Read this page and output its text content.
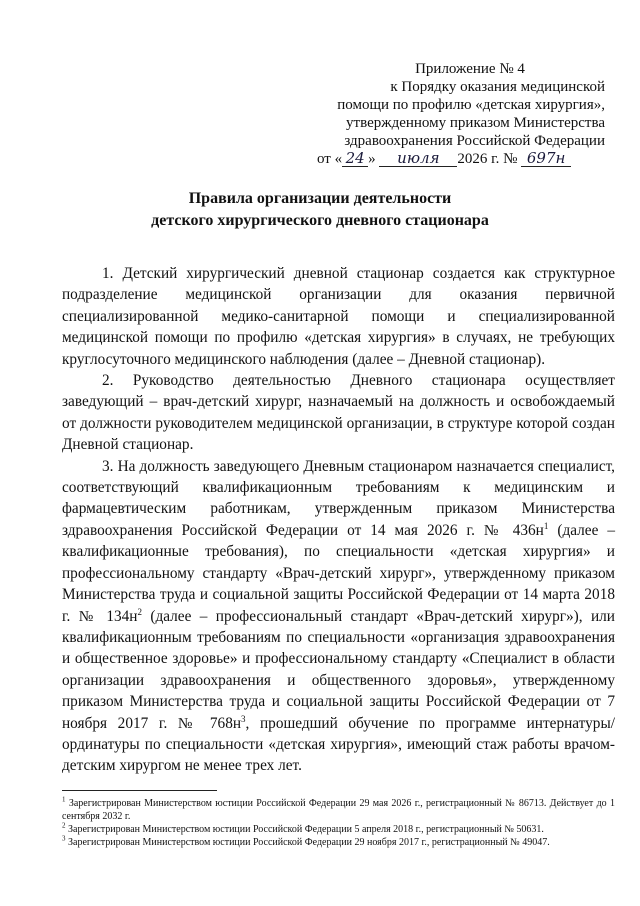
Приложение № 4
к Порядку оказания медицинской
помощи по профилю «детская хирургия»,
утвержденному приказом Министерства
здравоохранения Российской Федерации
от « 24 » июля 2026 г. № 697н
Правила организации деятельности
детского хирургического дневного стационара

1. Детский хирургический дневной стационар создается как структурное подразделение медицинской организации для оказания первичной специализированной медико-санитарной помощи и специализированной медицинской помощи по профилю «детская хирургия» в случаях, не требующих круглосуточного медицинского наблюдения (далее – Дневной стационар).

2. Руководство деятельностью Дневного стационара осуществляет заведующий – врач-детский хирург, назначаемый на должность и освобождаемый от должности руководителем медицинской организации, в структуре которой создан Дневной стационар.

3. На должность заведующего Дневным стационаром назначается специалист, соответствующий квалификационным требованиям к медицинским и фармацевтическим работникам, утвержденным приказом Министерства здравоохранения Российской Федерации от 14 мая 2026 г. № $436н^1$ (далее – квалификационные требования), по специальности «детская хирургия» и профессиональному стандарту «Врач-детский хирург», утвержденному приказом Министерства труда и социальной защиты Российской Федерации от 14 марта 2018 г. № $134н^2$ (далее – профессиональный стандарт «Врач-детский хирург»), или квалификационным требованиям по специальности «организация здравоохранения и общественное здоровье» и профессиональному стандарту «Специалист в области организации здравоохранения и общественного здоровья», утвержденному приказом Министерства труда и социальной защиты Российской Федерации от 7 ноября 2017 г. № $768н^3$, прошедший обучение по программе интернатуры/ординатуры по специальности «детская хирургия», имеющий стаж работы врачом-детским хирургом не менее трех лет.

$^1$ Зарегистрирован Министерством юстиции Российской Федерации 29 мая 2026 г., регистрационный № 86713. Действует до 1 сентября 2032 г.

$^2$ Зарегистрирован Министерством юстиции Российской Федерации 5 апреля 2018 г., регистрационный № 50631.

$^3$ Зарегистрирован Министерством юстиции Российской Федерации 29 ноября 2017 г., регистрационный № 49047.
